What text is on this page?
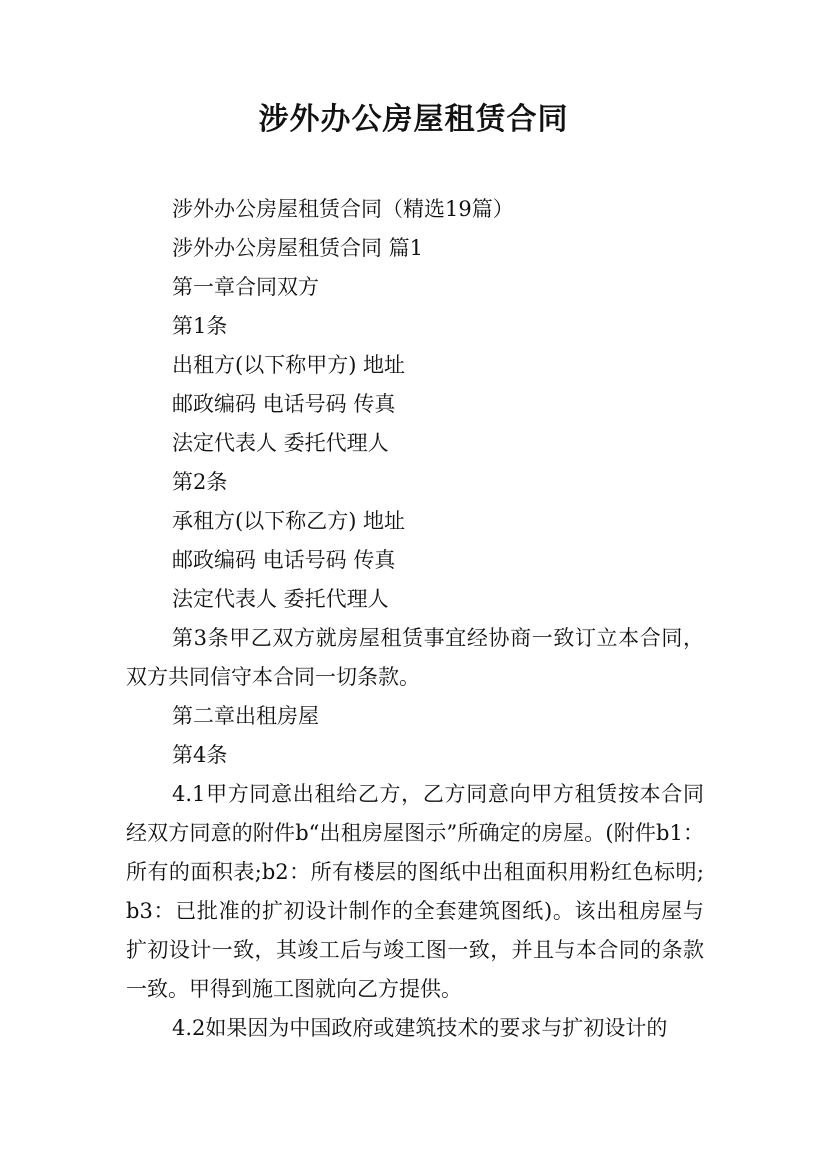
涉外办公房屋租赁合同

涉外办公房屋租赁合同（精选19篇）

涉外办公房屋租赁合同 篇1

第一章合同双方

第1条

出租方(以下称甲方) 地址

邮政编码 电话号码 传真

法定代表人 委托代理人

第2条

承租方(以下称乙方) 地址

邮政编码 电话号码 传真

法定代表人 委托代理人

第3条甲乙双方就房屋租赁事宜经协商一致订立本合同，双方共同信守本合同一切条款。

第二章出租房屋

第4条

4.1甲方同意出租给乙方，乙方同意向甲方租赁按本合同经双方同意的附件b“出租房屋图示”所确定的房屋。(附件b1：所有的面积表;b2：所有楼层的图纸中出租面积用粉红色标明;b3：已批准的扩初设计制作的全套建筑图纸)。该出租房屋与扩初设计一致，其竣工后与竣工图一致，并且与本合同的条款一致。甲得到施工图就向乙方提供。

4.2如果因为中国政府或建筑技术的要求与扩初设计的
